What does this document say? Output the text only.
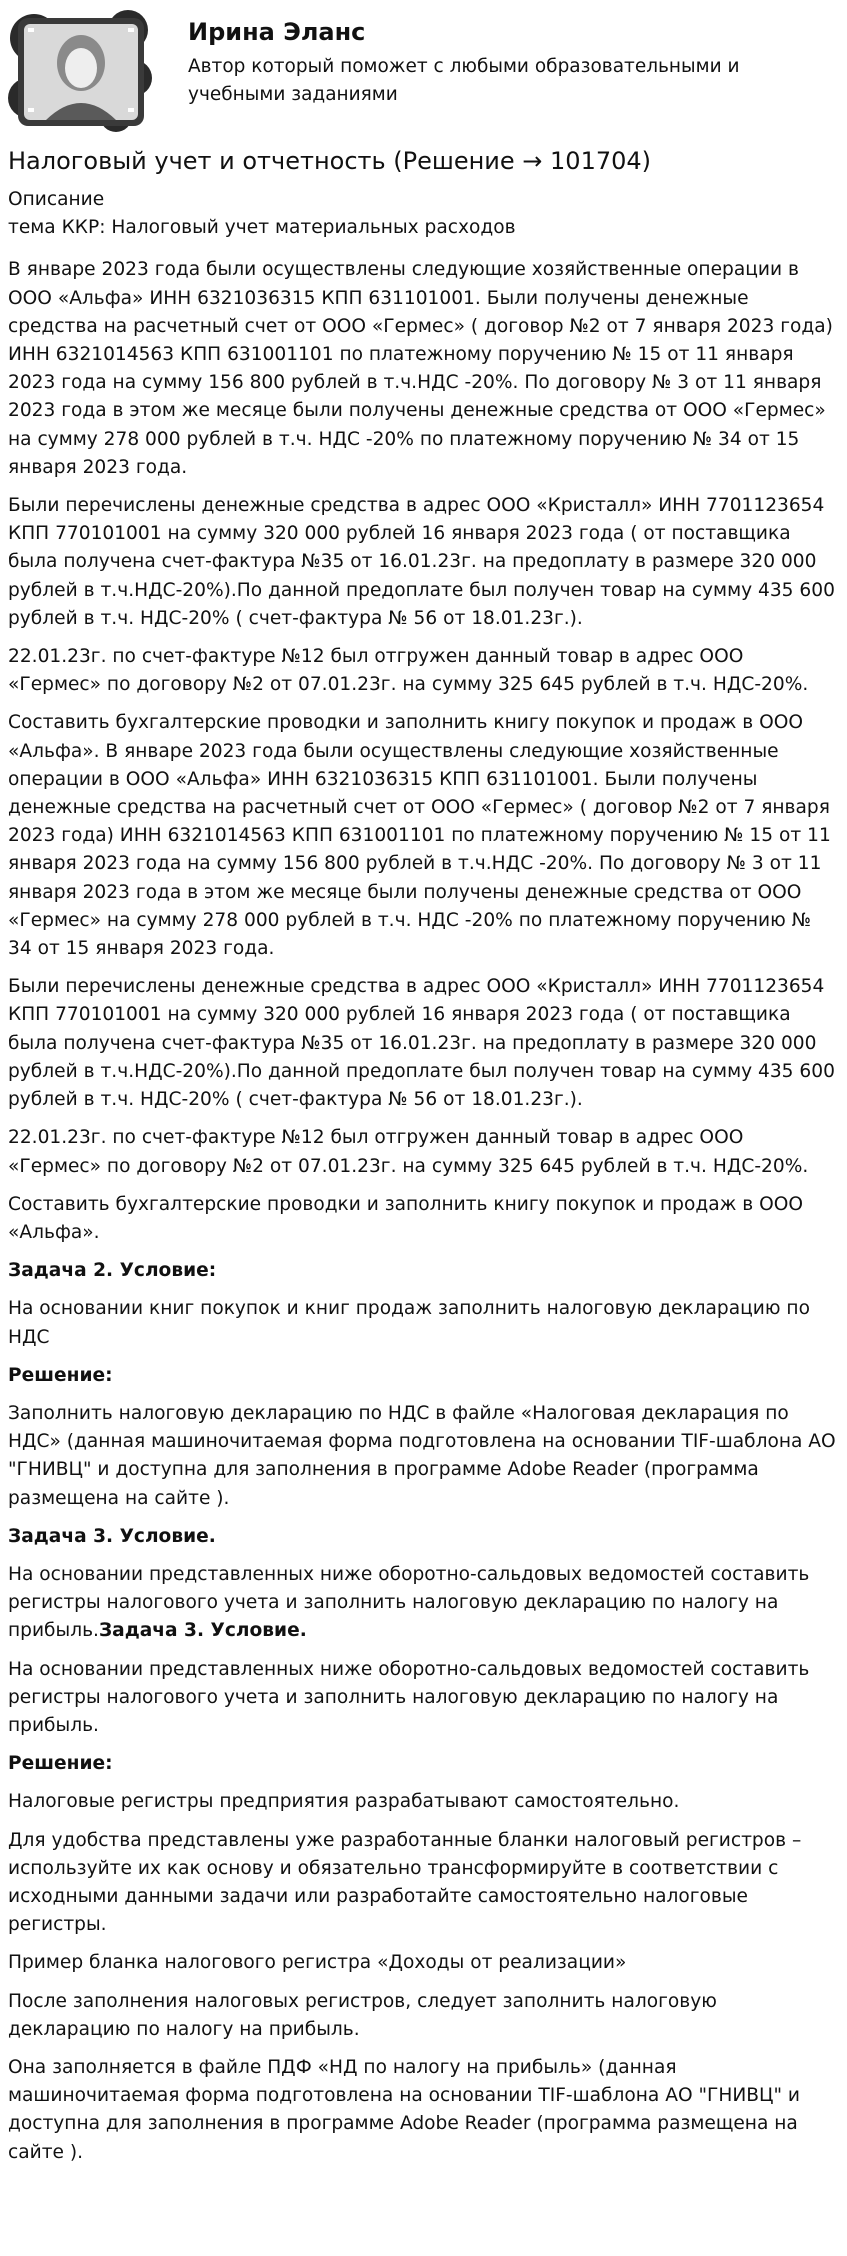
Ирина Эланс
Автор который поможет с любыми образовательными и учебными заданиями
Налоговый учет и отчетность (Решение → 101704)

Описание

тема ККР: Налоговый учет материальных расходов

В январе 2023 года были осуществлены следующие хозяйственные операции в ООО «Альфа» ИНН 6321036315 КПП 631101001. Были получены денежные средства на расчетный счет от ООО «Гермес» ( договор №2 от 7 января 2023 года) ИНН 6321014563 КПП 631001101 по платежному поручению № 15 от 11 января 2023 года на сумму 156 800 рублей в т.ч.НДС -20%. По договору № 3 от 11 января 2023 года в этом же месяце были получены денежные средства от ООО «Гермес» на сумму 278 000 рублей в т.ч. НДС -20% по платежному поручению № 34 от 15 января 2023 года.

Были перечислены денежные средства в адрес ООО «Кристалл» ИНН 7701123654 КПП 770101001 на сумму 320 000 рублей 16 января 2023 года ( от поставщика была получена счет-фактура №35 от 16.01.23г. на предоплату в размере 320 000 рублей в т.ч.НДС-20%).По данной предоплате был получен товар на сумму 435 600 рублей в т.ч. НДС-20% ( счет-фактура № 56 от 18.01.23г.).

22.01.23г. по счет-фактуре №12 был отгружен данный товар в адрес ООО «Гермес» по договору №2 от 07.01.23г. на сумму 325 645 рублей в т.ч. НДС-20%.

Составить бухгалтерские проводки и заполнить книгу покупок и продаж в ООО «Альфа». В январе 2023 года были осуществлены следующие хозяйственные операции в ООО «Альфа» ИНН 6321036315 КПП 631101001. Были получены денежные средства на расчетный счет от ООО «Гермес» ( договор №2 от 7 января 2023 года) ИНН 6321014563 КПП 631001101 по платежному поручению № 15 от 11 января 2023 года на сумму 156 800 рублей в т.ч.НДС -20%. По договору № 3 от 11 января 2023 года в этом же месяце были получены денежные средства от ООО «Гермес» на сумму 278 000 рублей в т.ч. НДС -20% по платежному поручению № 34 от 15 января 2023 года.

Были перечислены денежные средства в адрес ООО «Кристалл» ИНН 7701123654 КПП 770101001 на сумму 320 000 рублей 16 января 2023 года ( от поставщика была получена счет-фактура №35 от 16.01.23г. на предоплату в размере 320 000 рублей в т.ч.НДС-20%).По данной предоплате был получен товар на сумму 435 600 рублей в т.ч. НДС-20% ( счет-фактура № 56 от 18.01.23г.).

22.01.23г. по счет-фактуре №12 был отгружен данный товар в адрес ООО «Гермес» по договору №2 от 07.01.23г. на сумму 325 645 рублей в т.ч. НДС-20%.

Составить бухгалтерские проводки и заполнить книгу покупок и продаж в ООО «Альфа».

Задача 2. Условие:

На основании книг покупок и книг продаж заполнить налоговую декларацию по НДС

Решение:

Заполнить налоговую декларацию по НДС в файле «Налоговая декларация по НДС» (данная машиночитаемая форма подготовлена на основании TIF-шаблона АО "ГНИВЦ" и доступна для заполнения в программе Adobe Reader (программа размещена на сайте ).

Задача 3. Условие.

На основании представленных ниже оборотно-сальдовых ведомостей составить регистры налогового учета и заполнить налоговую декларацию по налогу на прибыль.Задача 3. Условие.

На основании представленных ниже оборотно-сальдовых ведомостей составить регистры налогового учета и заполнить налоговую декларацию по налогу на прибыль.

Решение:

Налоговые регистры предприятия разрабатывают самостоятельно.

Для удобства представлены уже разработанные бланки налоговый регистров – используйте их как основу и обязательно трансформируйте в соответствии с исходными данными задачи или разработайте самостоятельно налоговые регистры.

Пример бланка налогового регистра «Доходы от реализации»

После заполнения налоговых регистров, следует заполнить налоговую декларацию по налогу на прибыль.

Она заполняется в файле ПДФ «НД по налогу на прибыль» (данная машиночитаемая форма подготовлена на основании TIF-шаблона АО "ГНИВЦ" и доступна для заполнения в программе Adobe Reader (программа размещена на сайте ).
